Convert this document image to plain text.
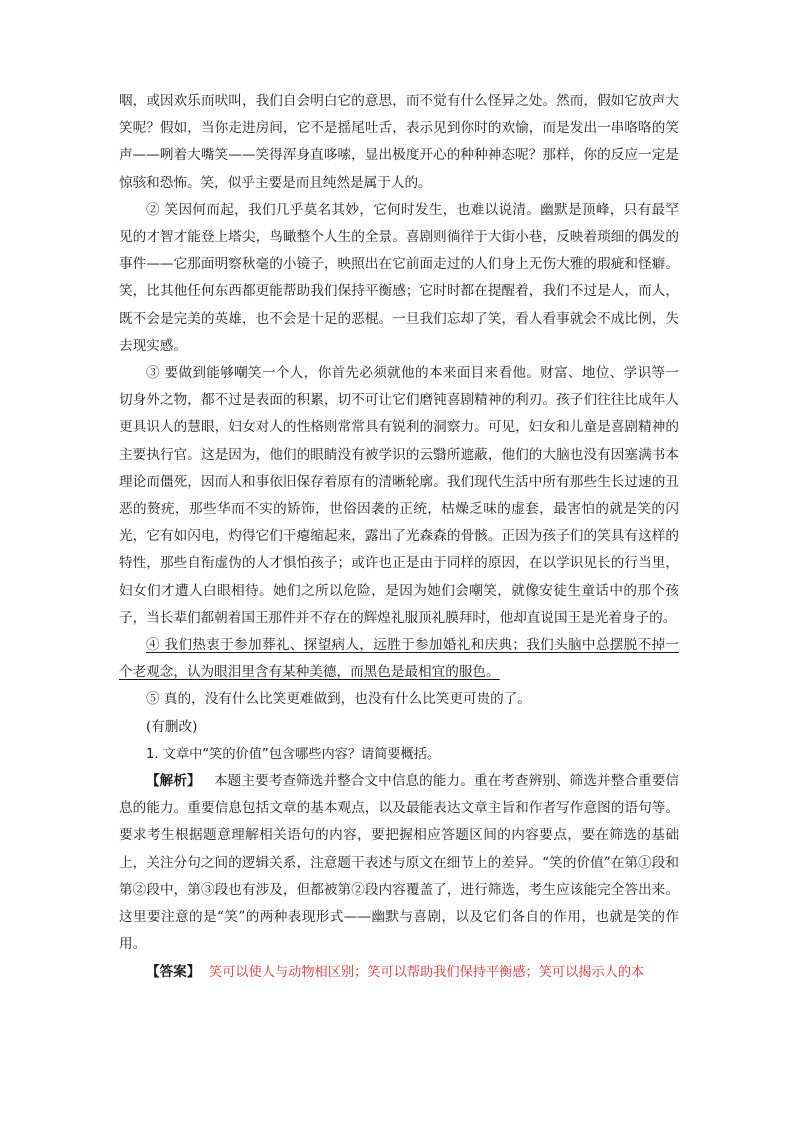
咽，或因欢乐而吠叫，我们自会明白它的意思，而不觉有什么怪异之处。然而，假如它放声大笑呢？假如，当你走进房间，它不是摇尾吐舌，表示见到你时的欢愉，而是发出一串咯咯的笑声——咧着大嘴笑——笑得浑身直哆嗦，显出极度开心的种种神态呢？那样，你的反应一定是惊骇和恐怖。笑，似乎主要是而且纯然是属于人的。

② 笑因何而起，我们几乎莫名其妙，它何时发生，也难以说清。幽默是顶峰，只有最罕见的才智才能登上塔尖，鸟瞰整个人生的全景。喜剧则徜徉于大街小巷，反映着琐细的偶发的事件——它那面明察秋毫的小镜子，映照出在它前面走过的人们身上无伤大雅的瑕疵和怪癖。笑，比其他任何东西都更能帮助我们保持平衡感；它时时都在提醒着，我们不过是人，而人，既不会是完美的英雄，也不会是十足的恶棍。一旦我们忘却了笑，看人看事就会不成比例，失去现实感。

③ 要做到能够嘲笑一个人，你首先必须就他的本来面目来看他。财富、地位、学识等一切身外之物，都不过是表面的积累，切不可让它们磨钝喜剧精神的利刃。孩子们往往比成年人更具识人的慧眼，妇女对人的性格则常常具有锐利的洞察力。可见，妇女和儿童是喜剧精神的主要执行官。这是因为，他们的眼睛没有被学识的云翳所遮蔽，他们的大脑也没有因塞满书本理论而僵死，因而人和事依旧保存着原有的清晰轮廓。我们现代生活中所有那些生长过速的丑恶的赘疣，那些华而不实的矫饰，世俗因袭的正统，枯燥乏味的虚套，最害怕的就是笑的闪光，它有如闪电，灼得它们干瘪缩起来，露出了光森森的骨骸。正因为孩子们的笑具有这样的特性，那些自衔虚伪的人才惧怕孩子；或许也正是由于同样的原因，在以学识见长的行当里，妇女们才遭人白眼相待。她们之所以危险，是因为她们会嘲笑，就像安徒生童话中的那个孩子，当长辈们都朝着国王那件并不存在的辉煌礼服顶礼膜拜时，他却直说国王是光着身子的。

④ 我们热衷于参加葬礼、探望病人，远胜于参加婚礼和庆典；我们头脑中总摆脱不掉一个老观念，认为眼泪里含有某种美德，而黑色是最相宜的服色。

⑤ 真的，没有什么比笑更难做到，也没有什么比笑更可贵的了。

(有删改)

1. 文章中“笑的价值”包含哪些内容？请简要概括。

【解析】 本题主要考查筛选并整合文中信息的能力。重在考查辨别、筛选并整合重要信息的能力。重要信息包括文章的基本观点，以及最能表达文章主旨和作者写作意图的语句等。要求考生根据题意理解相关语句的内容，要把握相应答题区间的内容要点，要在筛选的基础上，关注分句之间的逻辑关系，注意题干表述与原文在细节上的差异。“笑的价值”在第①段和第②段中，第③段也有涉及，但都被第②段内容覆盖了，进行筛选，考生应该能完全答出来。这里要注意的是“笑”的两种表现形式——幽默与喜剧，以及它们各自的作用，也就是笑的作用。

【答案】 笑可以使人与动物相区别；笑可以帮助我们保持平衡感；笑可以揭示人的本
